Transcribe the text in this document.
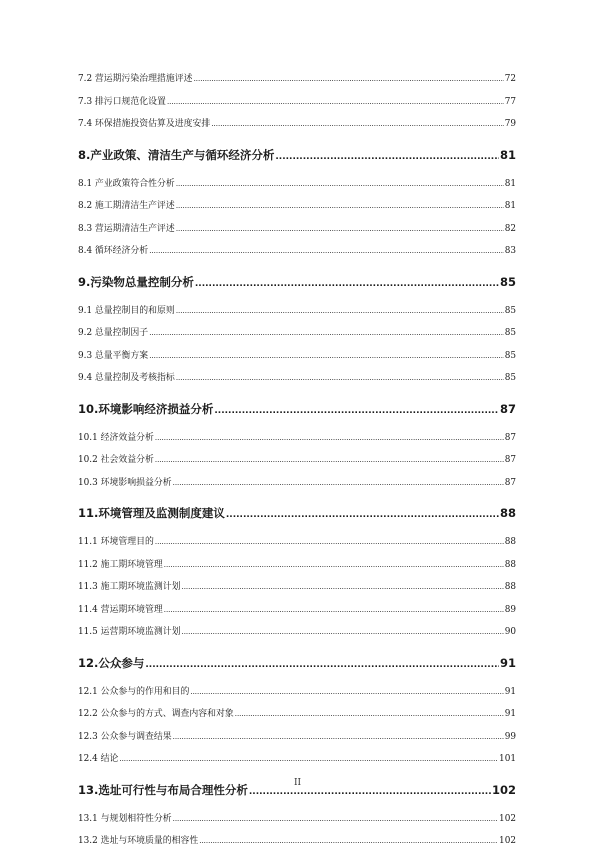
7.2 营运期污染治理措施评述 .....	72
7.3 排污口规范化设置 .....	77
7.4 环保措施投资估算及进度安排 .....	79
8.产业政策、清洁生产与循环经济分析 .....	81
8.1 产业政策符合性分析 .....	81
8.2 施工期清洁生产评述 .....	81
8.3 营运期清洁生产评述 .....	82
8.4 循环经济分析 .....	83
9.污染物总量控制分析 .....	85
9.1 总量控制目的和原则 .....	85
9.2 总量控制因子 .....	85
9.3 总量平衡方案 .....	85
9.4 总量控制及考核指标 .....	85
10.环境影响经济损益分析 .....	87
10.1 经济效益分析 .....	87
10.2 社会效益分析 .....	87
10.3 环境影响损益分析 .....	87
11.环境管理及监测制度建议 .....	88
11.1 环境管理目的 .....	88
11.2 施工期环境管理 .....	88
11.3 施工期环境监测计划 .....	88
11.4 营运期环境管理 .....	89
11.5 运营期环境监测计划 .....	90
12.公众参与 .....	91
12.1 公众参与的作用和目的 .....	91
12.2 公众参与的方式、调查内容和对象 .....	91
12.3 公众参与调查结果 .....	99
12.4 结论 .....	101
13.选址可行性与布局合理性分析 .....	102
13.1 与规划相符性分析 .....	102
13.2 选址与环境质量的相容性 .....	102
II
